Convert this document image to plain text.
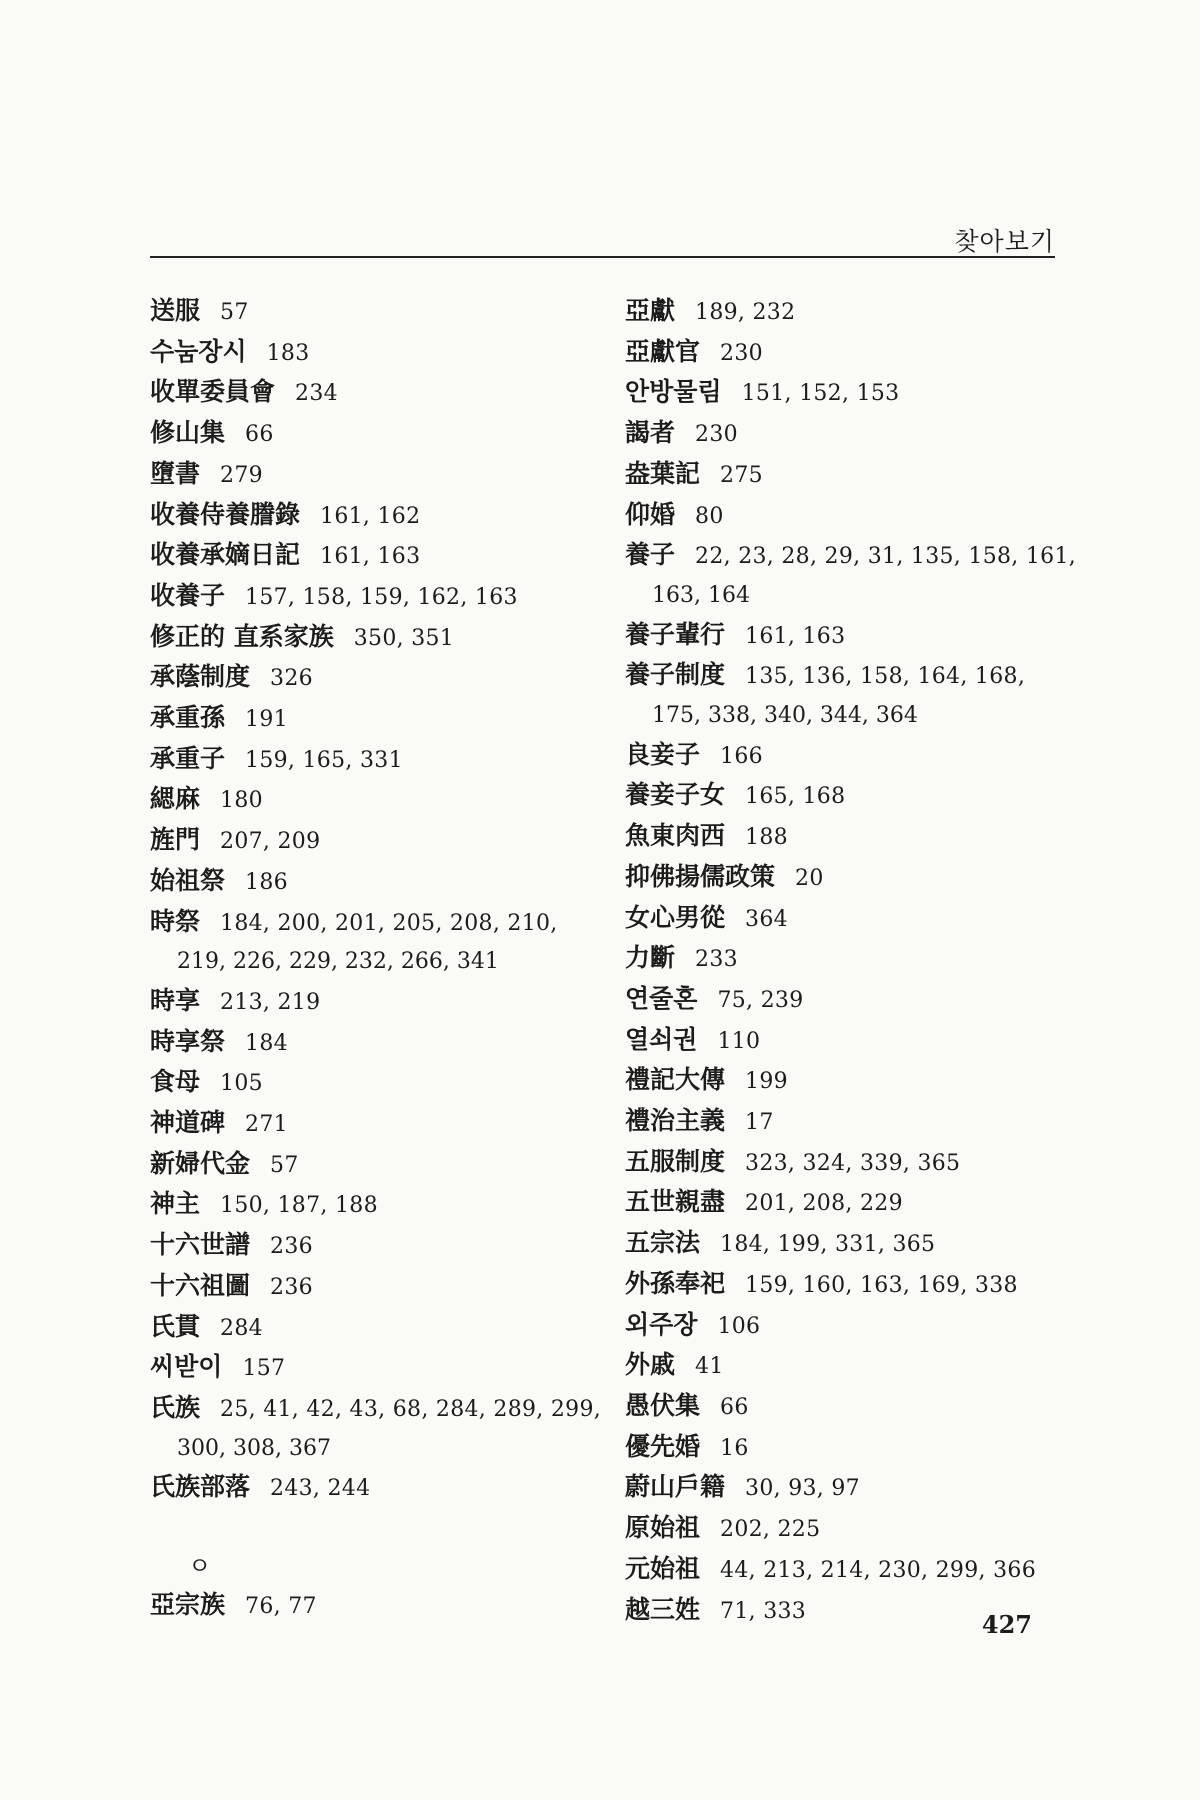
찾아보기
送服 57
수눔장시 183
收單委員會 234
修山集 66
墮書 279
收養侍養謄錄 161, 162
收養承嫡日記 161, 163
收養子 157, 158, 159, 162, 163
修正的 直系家族 350, 351
承蔭制度 326
承重孫 191
承重子 159, 165, 331
緦麻 180
旌門 207, 209
始祖祭 186
時祭 184, 200, 201, 205, 208, 210,
219, 226, 229, 232, 266, 341
時享 213, 219
時享祭 184
食母 105
神道碑 271
新婦代金 57
神主 150, 187, 188
十六世譜 236
十六祖圖 236
氏貫 284
씨받이 157
氏族 25, 41, 42, 43, 68, 284, 289, 299,
300, 308, 367
氏族部落 243, 244
ㅇ
亞宗族 76, 77
亞獻 189, 232
亞獻官 230
안방물림 151, 152, 153
謁者 230
盎葉記 275
仰婚 80
養子 22, 23, 28, 29, 31, 135, 158, 161,
163, 164
養子輩行 161, 163
養子制度 135, 136, 158, 164, 168,
175, 338, 340, 344, 364
良妾子 166
養妾子女 165, 168
魚東肉西 188
抑佛揚儒政策 20
女心男從 364
力斷 233
연줄혼 75, 239
열쇠권 110
禮記大傳 199
禮治主義 17
五服制度 323, 324, 339, 365
五世親盡 201, 208, 229
五宗法 184, 199, 331, 365
外孫奉祀 159, 160, 163, 169, 338
외주장 106
外戚 41
愚伏集 66
優先婚 16
蔚山戶籍 30, 93, 97
原始祖 202, 225
元始祖 44, 213, 214, 230, 299, 366
越三姓 71, 333	427
